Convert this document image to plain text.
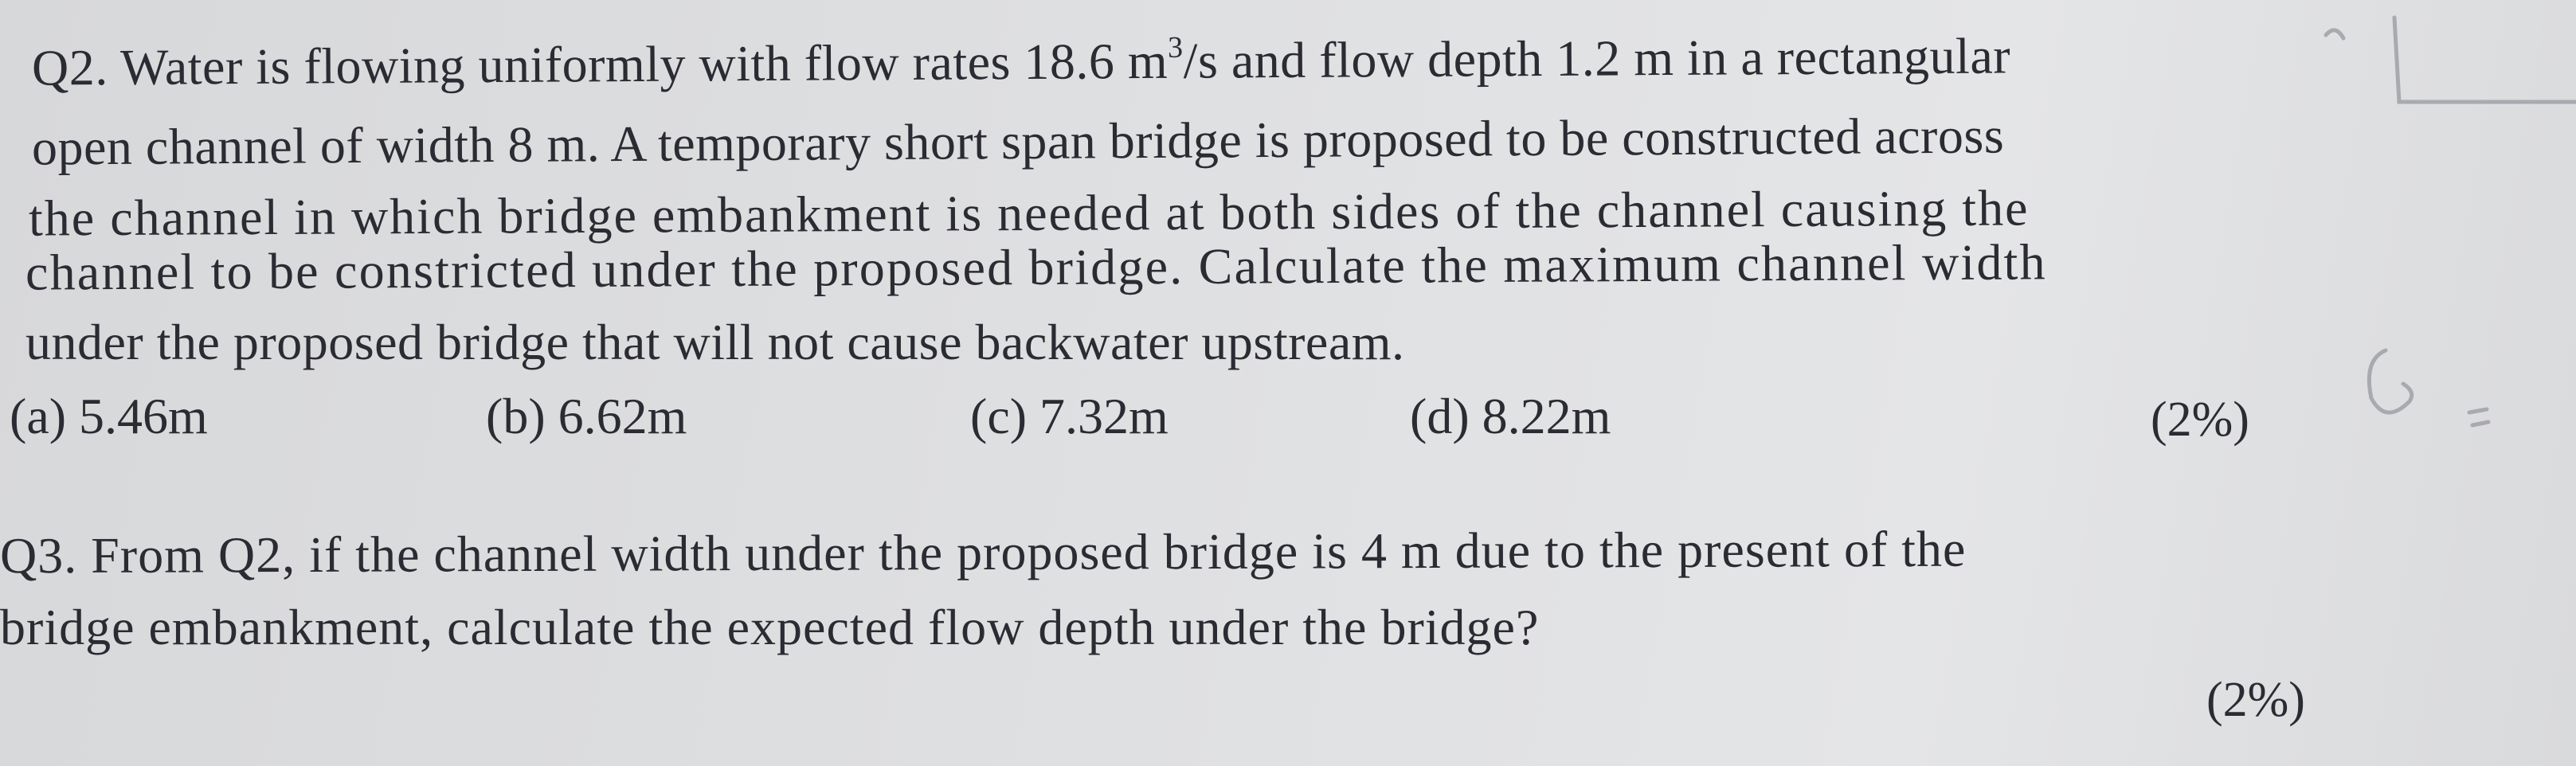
Q2. Water is flowing uniformly with flow rates 18.6 $m^3/s$ and flow depth 1.2 m in a rectangular
open channel of width 8 m. A temporary short span bridge is proposed to be constructed across
the channel in which bridge embankment is needed at both sides of the channel causing the
channel to be constricted under the proposed bridge. Calculate the maximum channel width
under the proposed bridge that will not cause backwater upstream.
(a) 5.46m	(b) 6.62m	(c) 7.32m	(d) 8.22m	(2%)
Q3. From Q2, if the channel width under the proposed bridge is 4 m due to the present of the
bridge embankment, calculate the expected flow depth under the bridge?
(2%)
